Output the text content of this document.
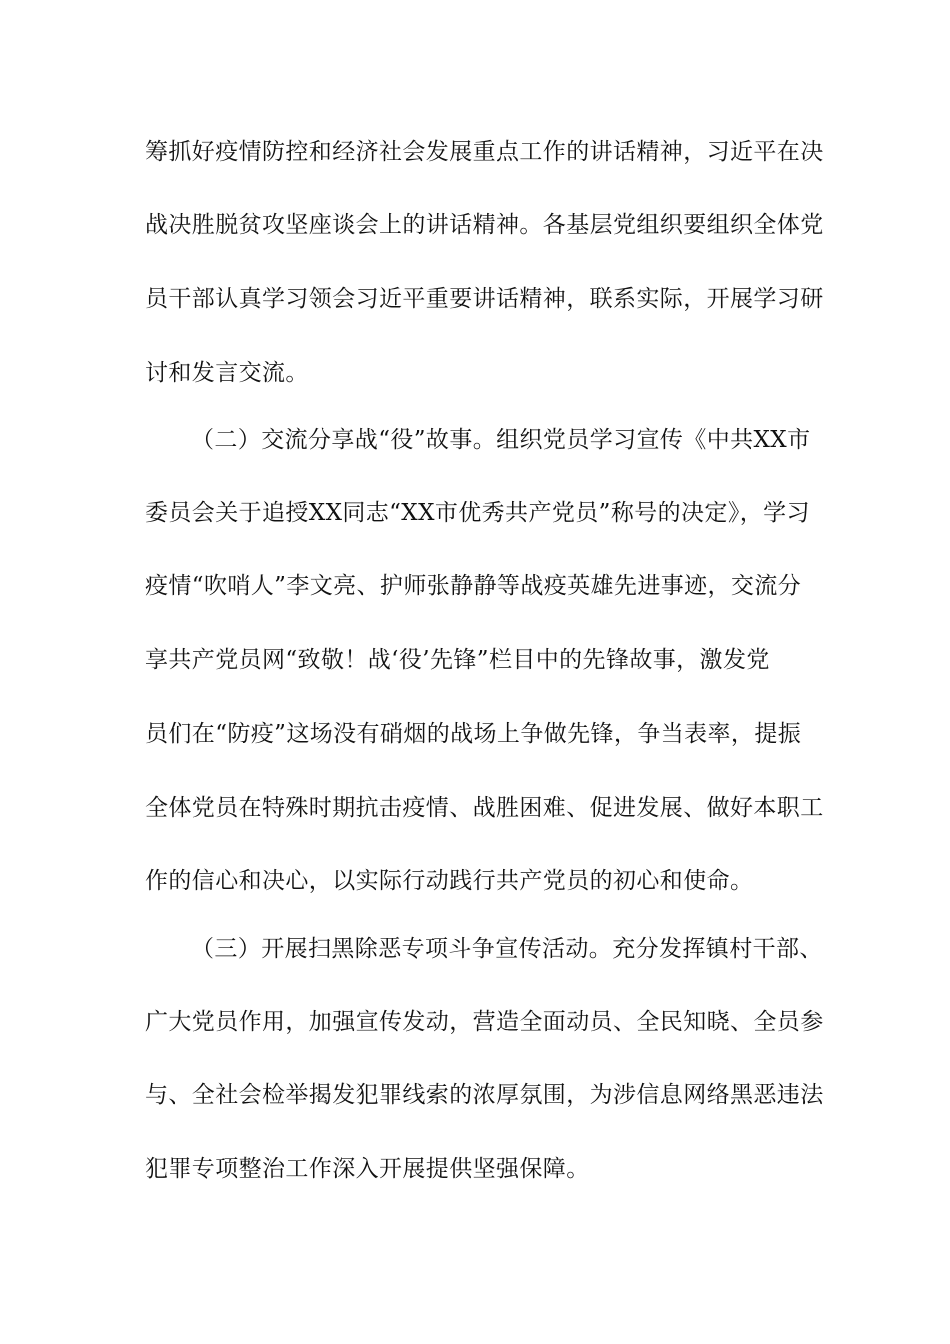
筹抓好疫情防控和经济社会发展重点工作的讲话精神，习近平在决
战决胜脱贫攻坚座谈会上的讲话精神。各基层党组织要组织全体党
员干部认真学习领会习近平重要讲话精神，联系实际，开展学习研
讨和发言交流。
（二）交流分享战“役”故事。组织党员学习宣传《中共XX市
委员会关于追授XX同志“XX市优秀共产党员”称号的决定》，学习
疫情“吹哨人”李文亮、护师张静静等战疫英雄先进事迹，交流分
享共产党员网“致敬！战‘役’先锋”栏目中的先锋故事，激发党
员们在“防疫”这场没有硝烟的战场上争做先锋，争当表率，提振
全体党员在特殊时期抗击疫情、战胜困难、促进发展、做好本职工
作的信心和决心，以实际行动践行共产党员的初心和使命。
（三）开展扫黑除恶专项斗争宣传活动。充分发挥镇村干部、
广大党员作用，加强宣传发动，营造全面动员、全民知晓、全员参
与、全社会检举揭发犯罪线索的浓厚氛围，为涉信息网络黑恶违法
犯罪专项整治工作深入开展提供坚强保障。
